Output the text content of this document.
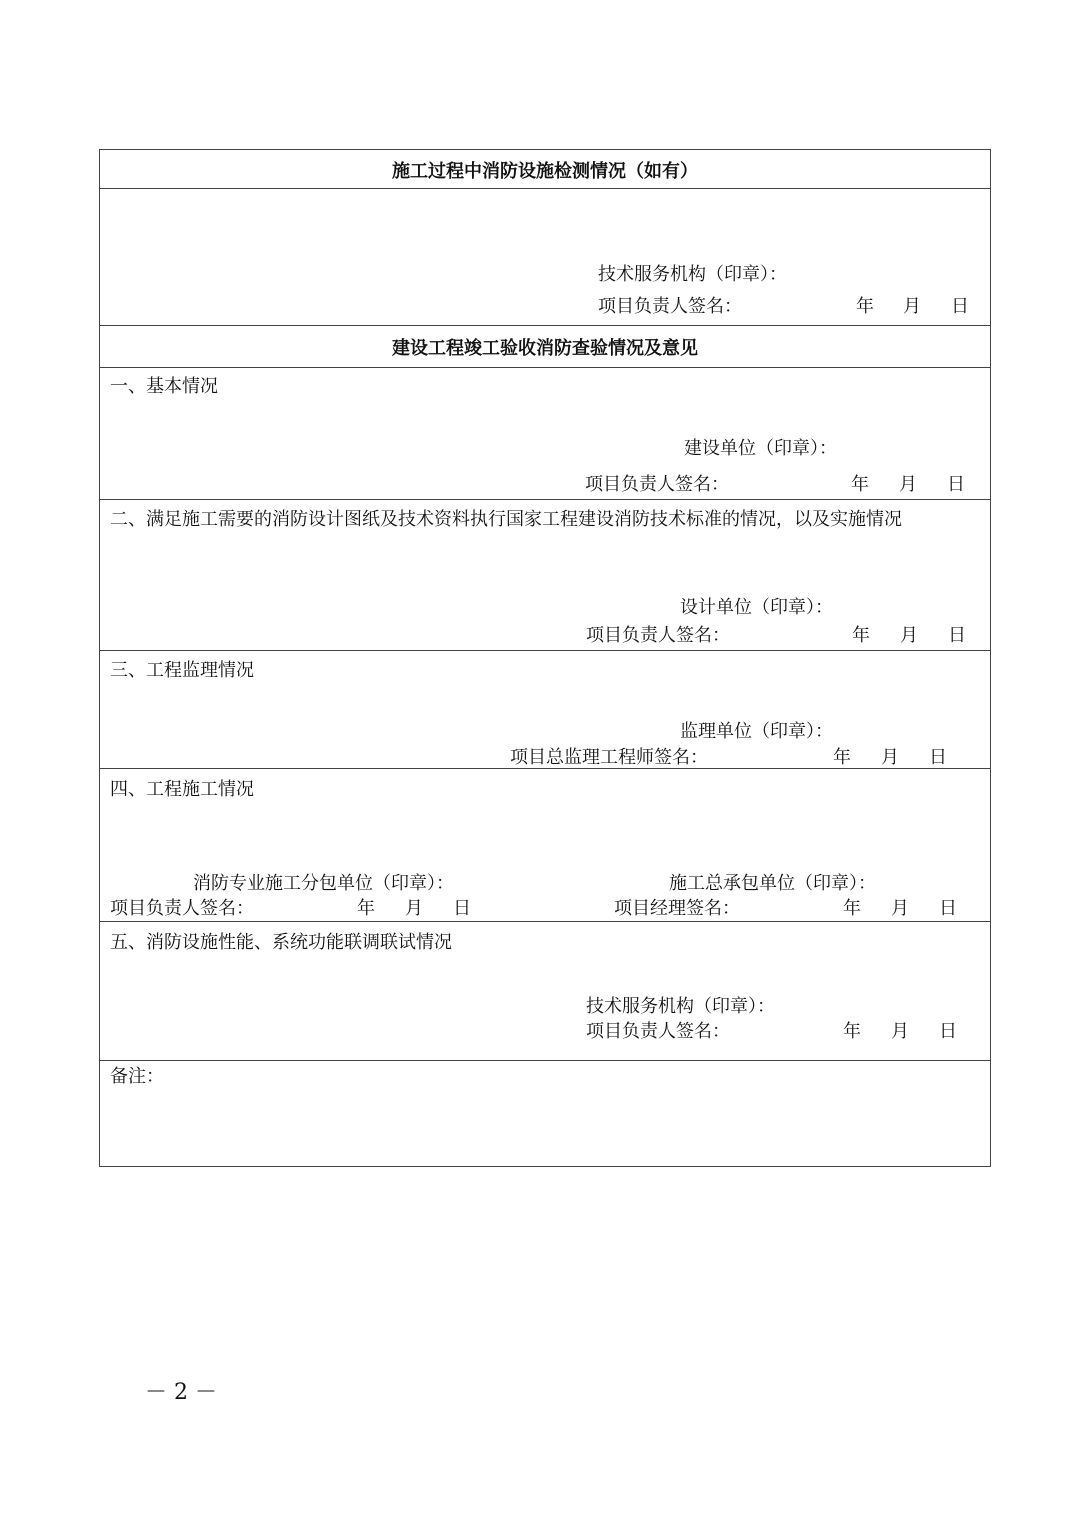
施工过程中消防设施检测情况（如有）
技术服务机构（印章）：
项目负责人签名：	年 月 日
建设工程竣工验收消防查验情况及意见
一、基本情况
建设单位（印章）：
项目负责人签名：	年 月 日
二、满足施工需要的消防设计图纸及技术资料执行国家工程建设消防技术标准的情况，以及实施情况
设计单位（印章）：
项目负责人签名：	年 月 日
三、工程监理情况
监理单位（印章）：
项目总监理工程师签名：	年 月 日
四、工程施工情况
消防专业施工分包单位（印章）：
项目负责人签名：	年 月 日
施工总承包单位（印章）：
项目经理签名：	年 月 日
五、消防设施性能、系统功能联调联试情况
技术服务机构（印章）：
项目负责人签名：	年 月 日
备注：
－ 2 －
